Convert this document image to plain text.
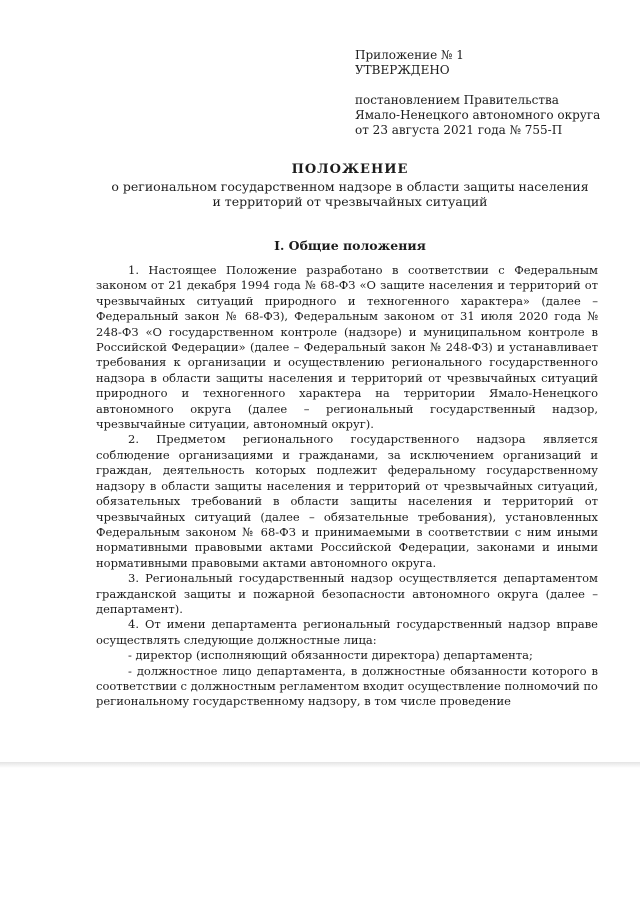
Приложение № 1
УТВЕРЖДЕНО
постановлением Правительства
Ямало-Ненецкого автономного округа
от 23 августа 2021 года № 755-П
ПОЛОЖЕНИЕ
о региональном государственном надзоре в области защиты населения
и территорий от чрезвычайных ситуаций
I. Общие положения

1. Настоящее Положение разработано в соответствии с Федеральным законом от 21 декабря 1994 года № 68-ФЗ «О защите населения и территорий от чрезвычайных ситуаций природного и техногенного характера» (далее – Федеральный закон № 68-ФЗ), Федеральным законом от 31 июля 2020 года № 248-ФЗ «О государственном контроле (надзоре) и муниципальном контроле в Российской Федерации» (далее – Федеральный закон № 248-ФЗ) и устанавливает требования к организации и осуществлению регионального государственного надзора в области защиты населения и территорий от чрезвычайных ситуаций природного и техногенного характера на территории Ямало-Ненецкого автономного округа (далее – региональный государственный надзор, чрезвычайные ситуации, автономный округ).

2. Предметом регионального государственного надзора является соблюдение организациями и гражданами, за исключением организаций и граждан, деятельность которых подлежит федеральному государственному надзору в области защиты населения и территорий от чрезвычайных ситуаций, обязательных требований в области защиты населения и территорий от чрезвычайных ситуаций (далее – обязательные требования), установленных Федеральным законом № 68-ФЗ и принимаемыми в соответствии с ним иными нормативными правовыми актами Российской Федерации, законами и иными нормативными правовыми актами автономного округа.

3. Региональный государственный надзор осуществляется департаментом гражданской защиты и пожарной безопасности автономного округа (далее – департамент).

4. От имени департамента региональный государственный надзор вправе осуществлять следующие должностные лица:

- директор (исполняющий обязанности директора) департамента;

- должностное лицо департамента, в должностные обязанности которого в соответствии с должностным регламентом входит осуществление полномочий по региональному государственному надзору, в том числе проведение
